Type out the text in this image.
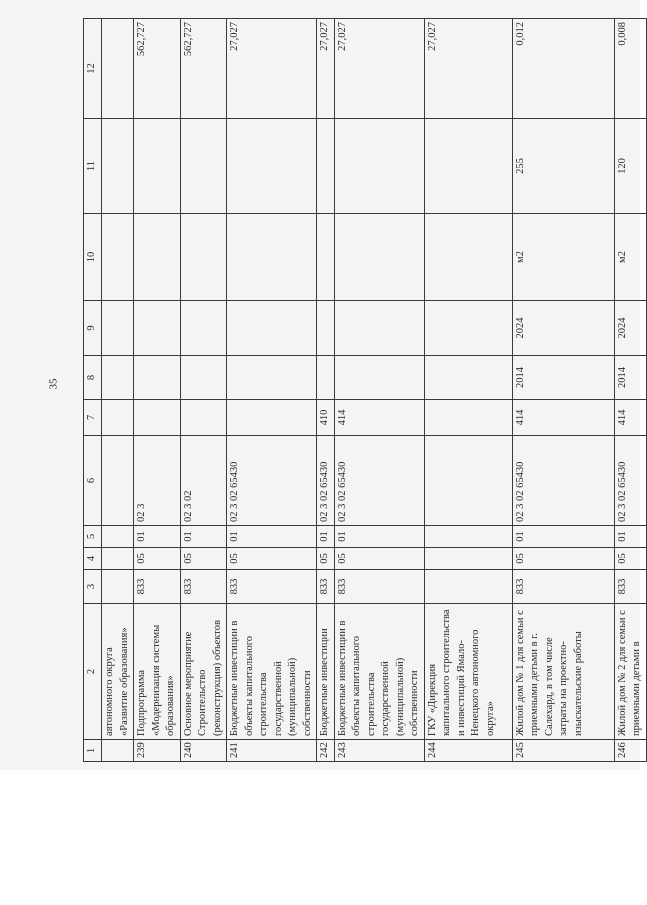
35
1	2	3	4	5	6	7	8	9	10	11	12
	автономного округа «Развитие образования»										
239	Подпрограмма «Модернизация системы образования»	833	05	01	02 3						562,727
240	Основное мероприятие Строительство (реконструкция) объектов	833	05	01	02 3 02						562,727
241	Бюджетные инвестиции в объекты капитального строительства государственной (муниципальной) собственности	833	05	01	02 3 02 65430						27,027
242	Бюджетные инвестиции	833	05	01	02 3 02 65430	410					27,027
243	Бюджетные инвестиции в объекты капитального строительства государственной (муниципальной) собственности	833	05	01	02 3 02 65430	414					27,027
244	ГКУ «Дирекция капитального строительства и инвестиций Ямало-Ненецкого автономного округа»										27,027
245	Жилой дом № 1 для семьи с приемными детьми в г. Салехард, в том числе затраты на проектно-изыскательские работы	833	05	01	02 3 02 65430	414	2014	2024	м2	255	0,012
246	Жилой дом № 2 для семьи с приемными детьми в	833	05	01	02 3 02 65430	414	2014	2024	м2	120	0,008
